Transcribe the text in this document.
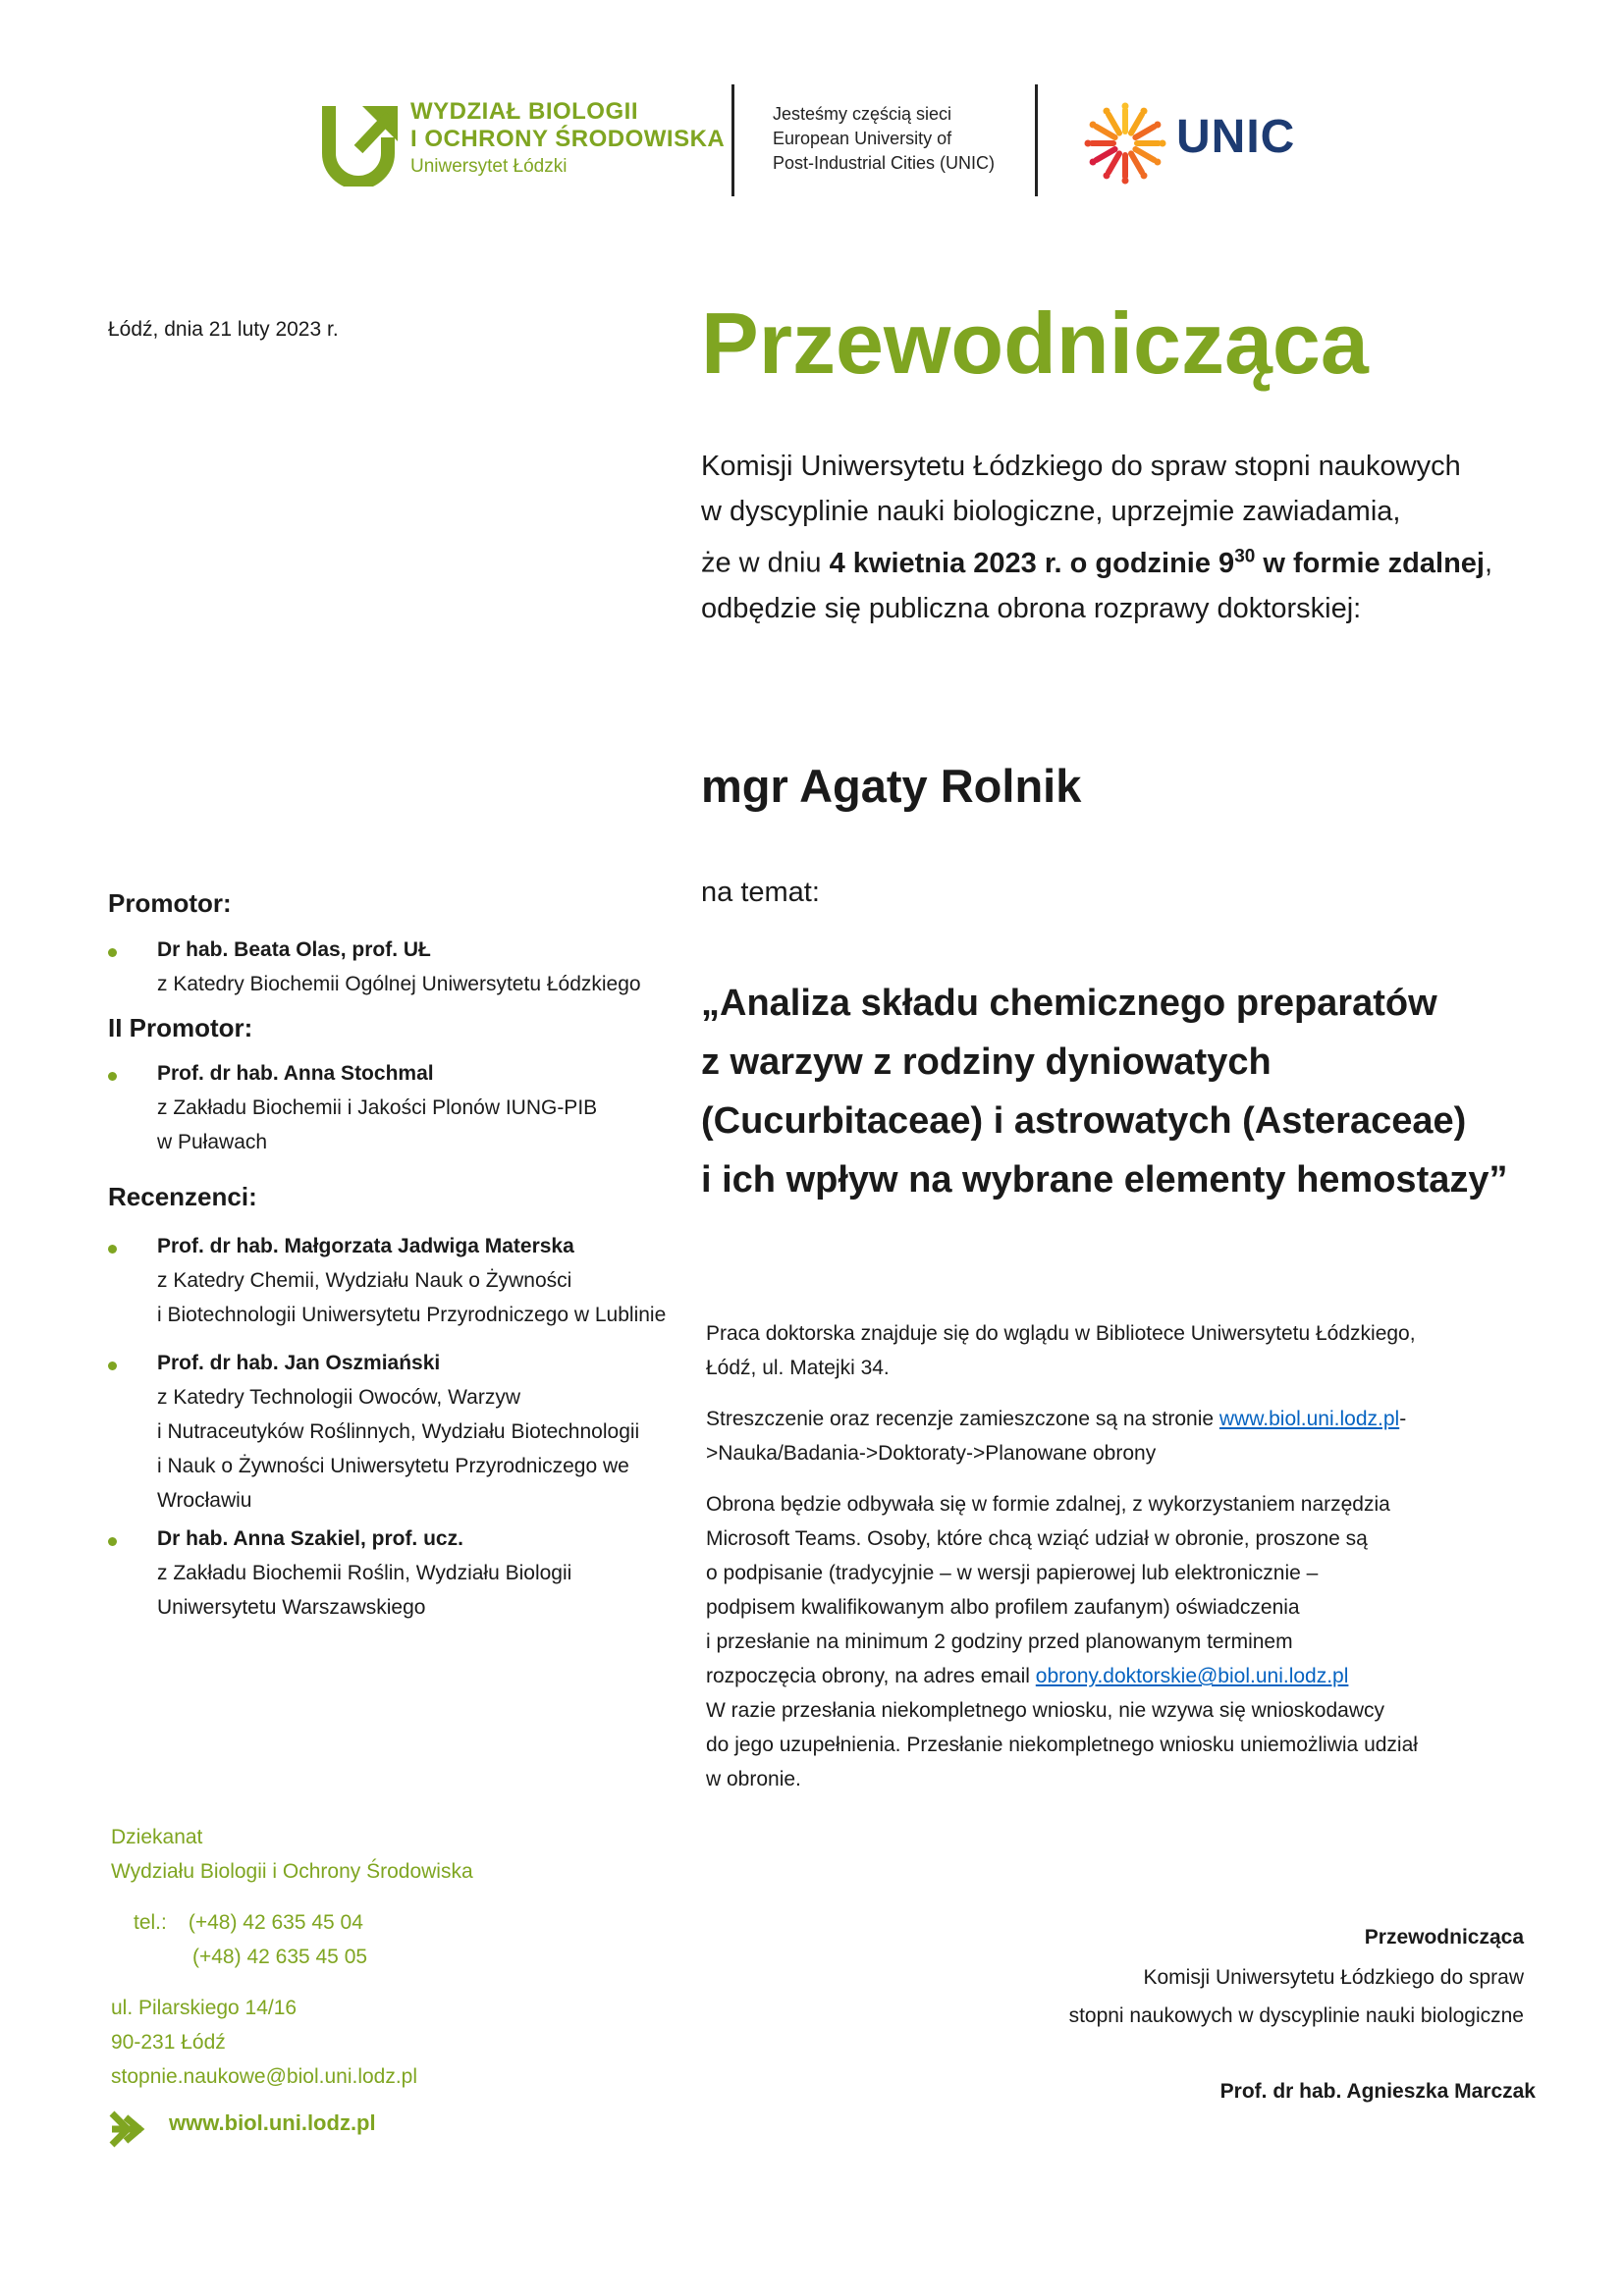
WYDZIAŁ BIOLOGII
I OCHRONY ŚRODOWISKA
Uniwersytet Łódzki
Jesteśmy częścią sieci
European University of
Post-Industrial Cities (UNIC)	UNIC
Łódź, dnia 21 luty 2023 r.
Promotor:
Dr hab. Beata Olas, prof. UŁ
z Katedry Biochemii Ogólnej Uniwersytetu Łódzkiego
II Promotor:
Prof. dr hab. Anna Stochmal
z Zakładu Biochemii i Jakości Plonów IUNG-PIB
w Puławach
Recenzenci:
Prof. dr hab. Małgorzata Jadwiga Materska
z Katedry Chemii, Wydziału Nauk o Żywności
i Biotechnologii Uniwersytetu Przyrodniczego w Lublinie
Prof. dr hab. Jan Oszmiański
z Katedry Technologii Owoców, Warzyw
i Nutraceutyków Roślinnych, Wydziału Biotechnologii
i Nauk o Żywności Uniwersytetu Przyrodniczego we
Wrocławiu
Dr hab. Anna Szakiel, prof. ucz.
z Zakładu Biochemii Roślin, Wydziału Biologii
Uniwersytetu Warszawskiego
Przewodnicząca
Komisji Uniwersytetu Łódzkiego do spraw stopni naukowych
w dyscyplinie nauki biologiczne, uprzejmie zawiadamia,
że w dniu 4 kwietnia 2023 r. o godzinie $9^{30}$ w formie zdalnej,
odbędzie się publiczna obrona rozprawy doktorskiej:
mgr Agaty Rolnik
na temat:
„Analiza składu chemicznego preparatów
z warzyw z rodziny dyniowatych
(Cucurbitaceae) i astrowatych (Asteraceae)
i ich wpływ na wybrane elementy hemostazy”
Praca doktorska znajduje się do wglądu w Bibliotece Uniwersytetu Łódzkiego,
Łódź, ul. Matejki 34.
Streszczenie oraz recenzje zamieszczone są na stronie www.biol.uni.lodz.pl-
>Nauka/Badania->Doktoraty->Planowane obrony
Obrona będzie odbywała się w formie zdalnej, z wykorzystaniem narzędzia
Microsoft Teams. Osoby, które chcą wziąć udział w obronie, proszone są
o podpisanie (tradycyjnie – w wersji papierowej lub elektronicznie –
podpisem kwalifikowanym albo profilem zaufanym) oświadczenia
i przesłanie na minimum 2 godziny przed planowanym terminem
rozpoczęcia obrony, na adres email obrony.doktorskie@biol.uni.lodz.pl
W razie przesłania niekompletnego wniosku, nie wzywa się wnioskodawcy
do jego uzupełnienia. Przesłanie niekompletnego wniosku uniemożliwia udział
w obronie.
Dziekanat
Wydziału Biologii i Ochrony Środowiska
tel.: (+48) 42 635 45 04
(+48) 42 635 45 05
ul. Pilarskiego 14/16
90-231 Łódź
stopnie.naukowe@biol.uni.lodz.pl
www.biol.uni.lodz.pl
Przewodnicząca
Komisji Uniwersytetu Łódzkiego do spraw
stopni naukowych w dyscyplinie nauki biologiczne
Prof. dr hab. Agnieszka Marczak
